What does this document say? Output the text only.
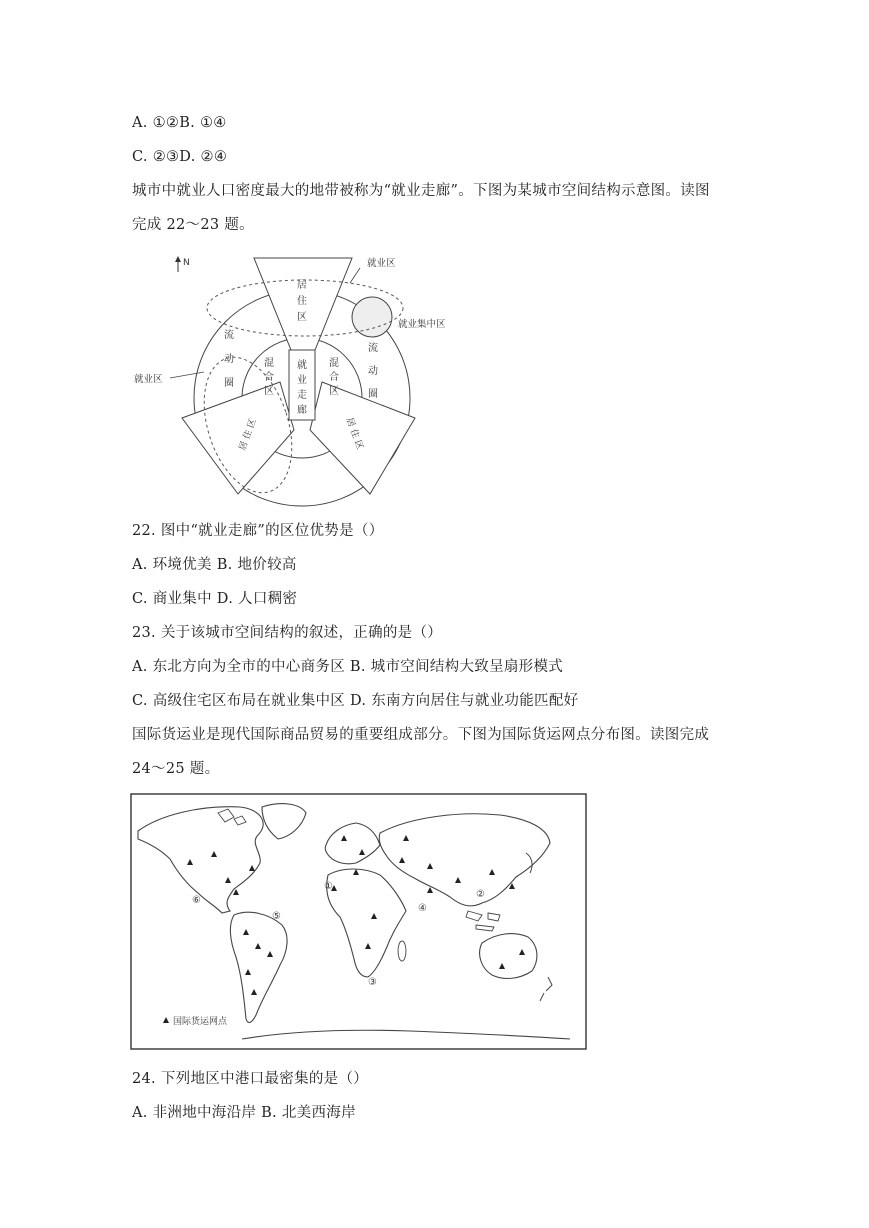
A. ①②B. ①④
C. ②③D. ②④
城市中就业人口密度最大的地带被称为“就业走廊”。下图为某城市空间结构示意图。读图
完成 22～23 题。
N	就业区
就业集中区
就业区
居
住
区
就
业
走
廊
混
合
区
混
合
区
流
动
圈
流
动
圈
居
住
区	居
住
区
22. 图中“就业走廊”的区位优势是（）
A. 环境优美 B. 地价较高
C. 商业集中 D. 人口稠密
23. 关于该城市空间结构的叙述，正确的是（）
A. 东北方向为全市的中心商务区 B. 城市空间结构大致呈扇形模式
C. 高级住宅区布局在就业集中区 D. 东南方向居住与就业功能匹配好
国际货运业是现代国际商品贸易的重要组成部分。下图为国际货运网点分布图。读图完成
24～25 题。
①
②
③
④
⑤
⑥
国际货运网点
24. 下列地区中港口最密集的是（）
A. 非洲地中海沿岸 B. 北美西海岸
